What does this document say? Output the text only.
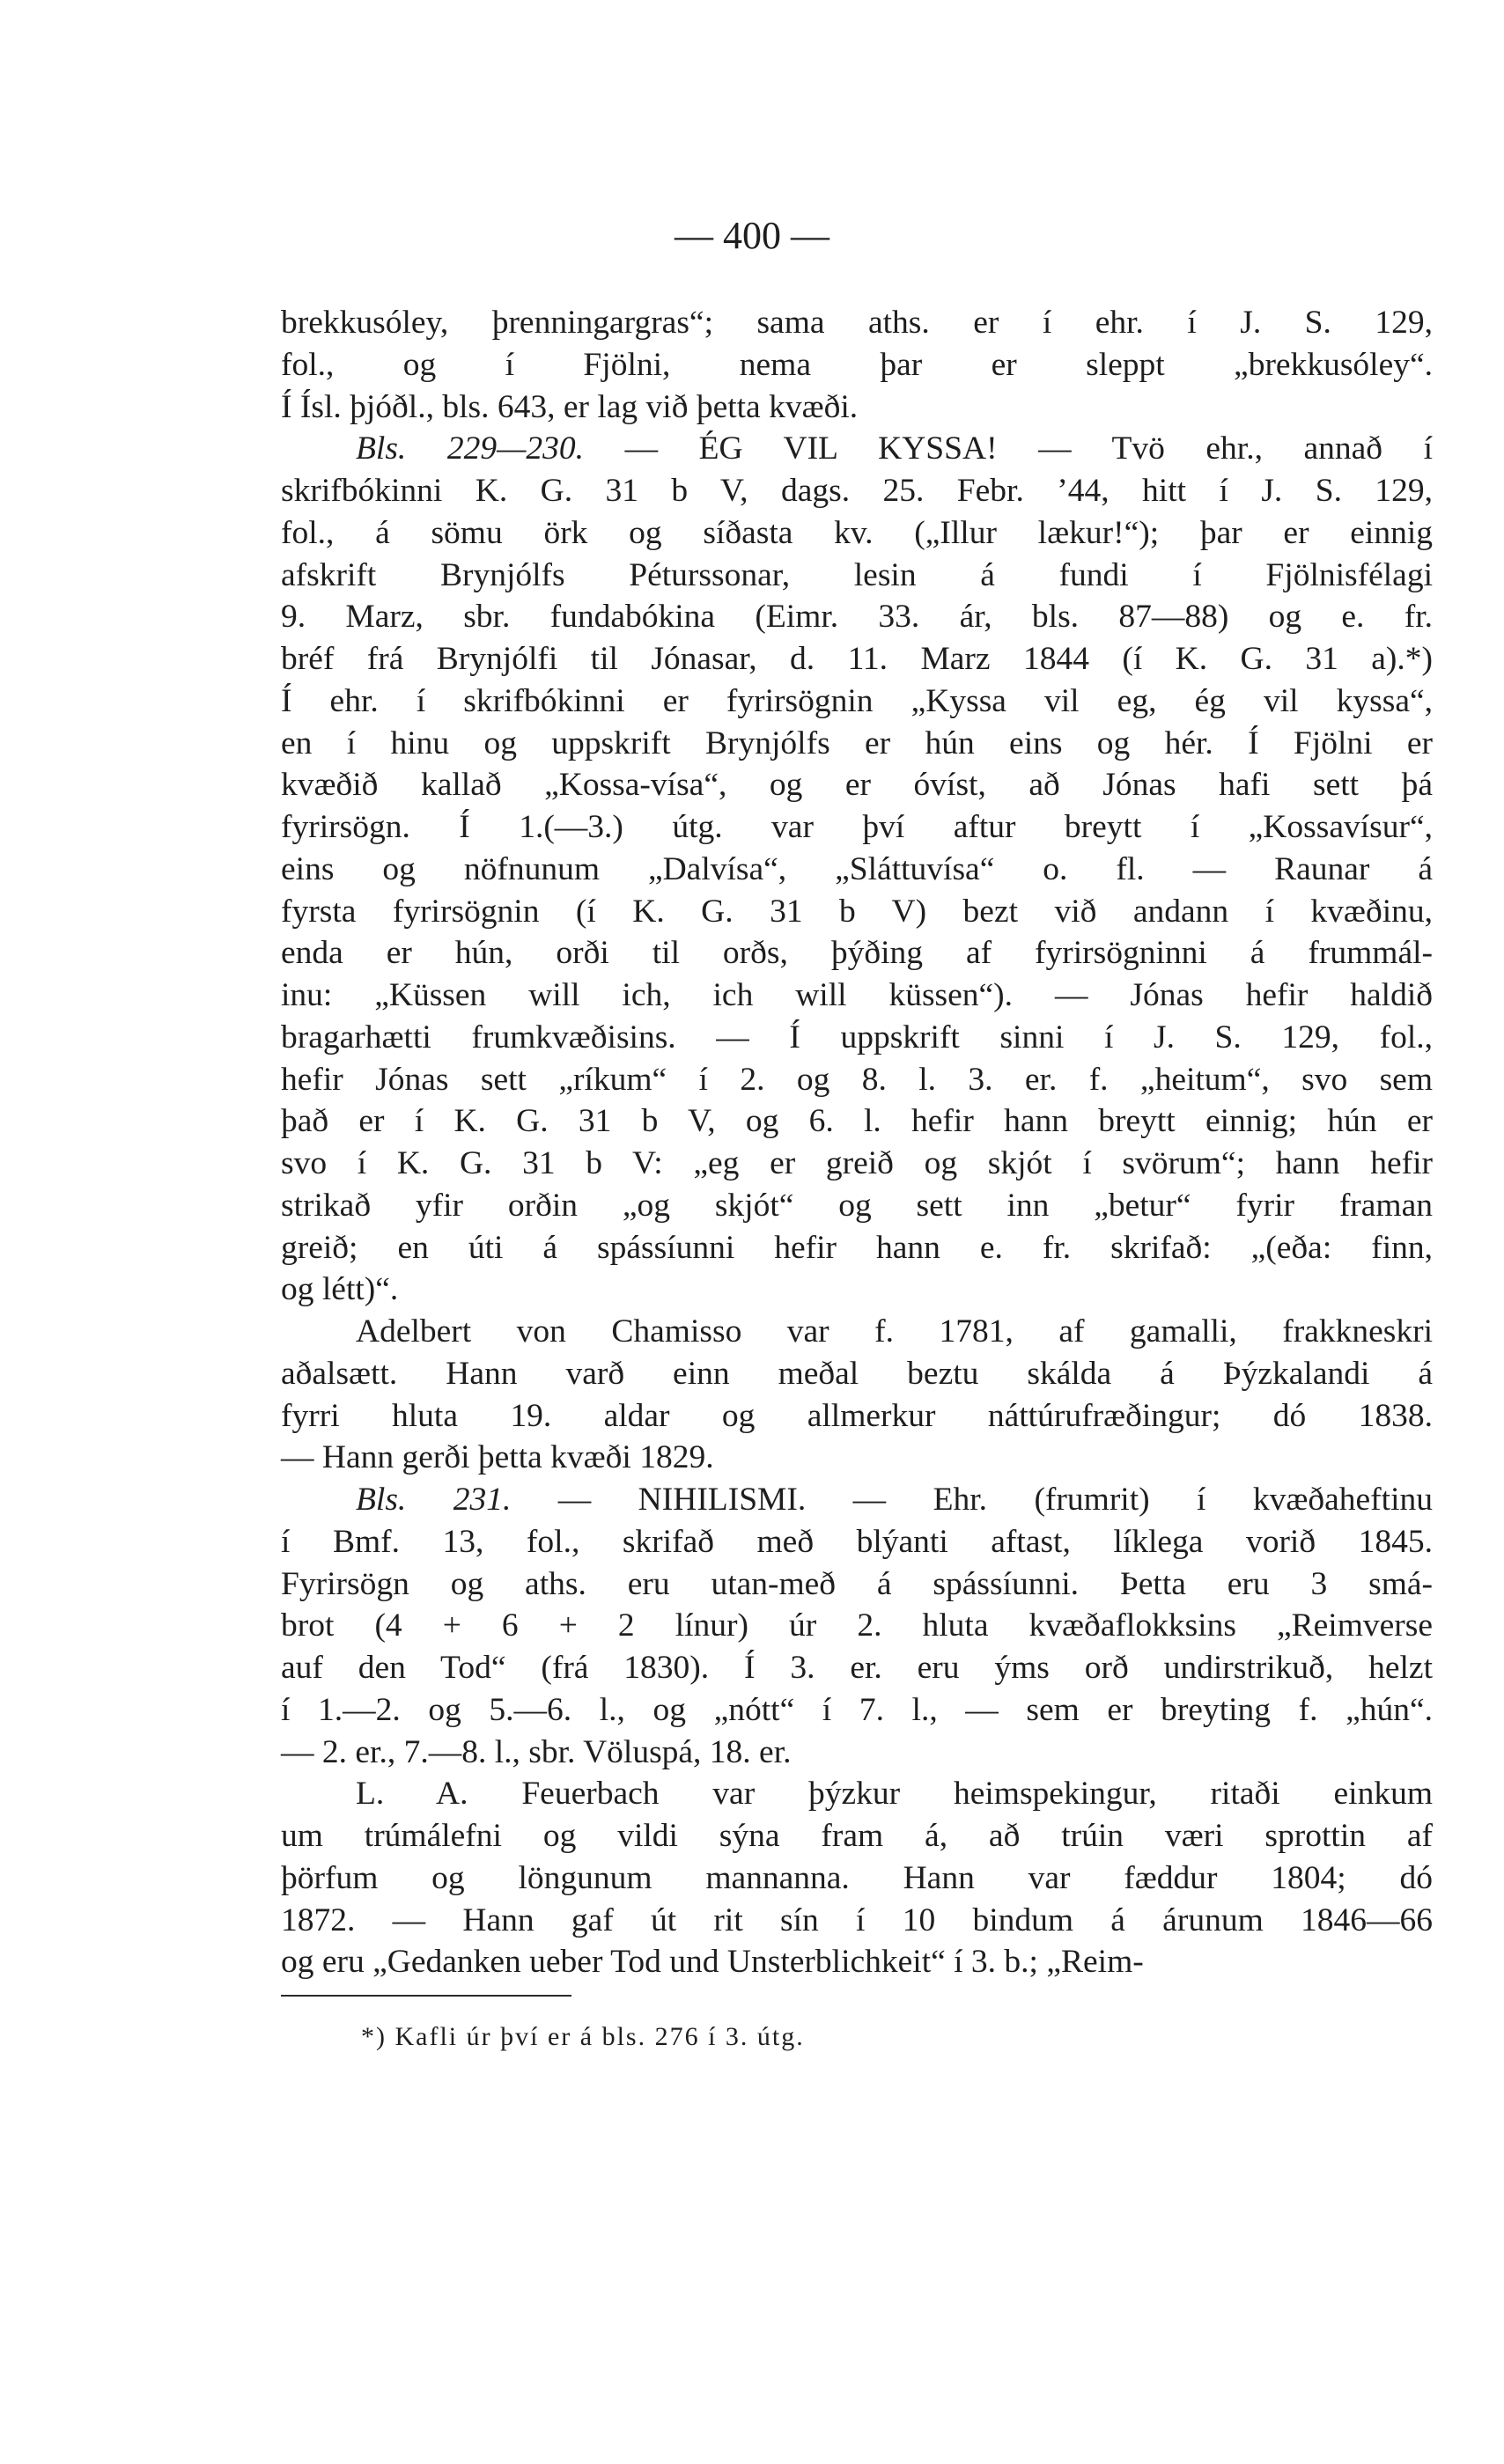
— 400 —
brekkusóley, þrenningargras“; sama aths. er í ehr. í J. S. 129,
fol., og í Fjölni, nema þar er sleppt „brekkusóley“.
Í Ísl. þjóðl., bls. 643, er lag við þetta kvæði.
Bls. 229—230. — ÉG VIL KYSSA! — Tvö ehr., annað í
skrifbókinni K. G. 31 b V, dags. 25. Febr. ’44, hitt í J. S. 129,
fol., á sömu örk og síðasta kv. („Illur lækur!“); þar er einnig
afskrift Brynjólfs Péturssonar, lesin á fundi í Fjölnisfélagi
9. Marz, sbr. fundabókina (Eimr. 33. ár, bls. 87—88) og e. fr.
bréf frá Brynjólfi til Jónasar, d. 11. Marz 1844 (í K. G. 31 a).*)
Í ehr. í skrifbókinni er fyrirsögnin „Kyssa vil eg, ég vil kyssa“,
en í hinu og uppskrift Brynjólfs er hún eins og hér. Í Fjölni er
kvæðið kallað „Kossa-vísa“, og er óvíst, að Jónas hafi sett þá
fyrirsögn. Í 1.(—3.) útg. var því aftur breytt í „Kossavísur“,
eins og nöfnunum „Dalvísa“, „Sláttuvísa“ o. fl. — Raunar á
fyrsta fyrirsögnin (í K. G. 31 b V) bezt við andann í kvæðinu,
enda er hún, orði til orðs, þýðing af fyrirsögninni á frummál-
inu: „Küssen will ich, ich will küssen“). — Jónas hefir haldið
bragarhætti frumkvæðisins. — Í uppskrift sinni í J. S. 129, fol.,
hefir Jónas sett „ríkum“ í 2. og 8. l. 3. er. f. „heitum“, svo sem
það er í K. G. 31 b V, og 6. l. hefir hann breytt einnig; hún er
svo í K. G. 31 b V: „eg er greið og skjót í svörum“; hann hefir
strikað yfir orðin „og skjót“ og sett inn „betur“ fyrir framan
greið; en úti á spássíunni hefir hann e. fr. skrifað: „(eða: finn,
og létt)“.
Adelbert von Chamisso var f. 1781, af gamalli, frakkneskri
aðalsætt. Hann varð einn meðal beztu skálda á Þýzkalandi á
fyrri hluta 19. aldar og allmerkur náttúrufræðingur; dó 1838.
— Hann gerði þetta kvæði 1829.
Bls. 231. — NIHILISMI. — Ehr. (frumrit) í kvæðaheftinu
í Bmf. 13, fol., skrifað með blýanti aftast, líklega vorið 1845.
Fyrirsögn og aths. eru utan-með á spássíunni. Þetta eru 3 smá-
brot (4 + 6 + 2 línur) úr 2. hluta kvæðaflokksins „Reimverse
auf den Tod“ (frá 1830). Í 3. er. eru ýms orð undirstrikuð, helzt
í 1.—2. og 5.—6. l., og „nótt“ í 7. l., — sem er breyting f. „hún“.
— 2. er., 7.—8. l., sbr. Völuspá, 18. er.
L. A. Feuerbach var þýzkur heimspekingur, ritaði einkum
um trúmálefni og vildi sýna fram á, að trúin væri sprottin af
þörfum og löngunum mannanna. Hann var fæddur 1804; dó
1872. — Hann gaf út rit sín í 10 bindum á árunum 1846—66
og eru „Gedanken ueber Tod und Unsterblichkeit“ í 3. b.; „Reim-
*) Kafli úr því er á bls. 276 í 3. útg.
